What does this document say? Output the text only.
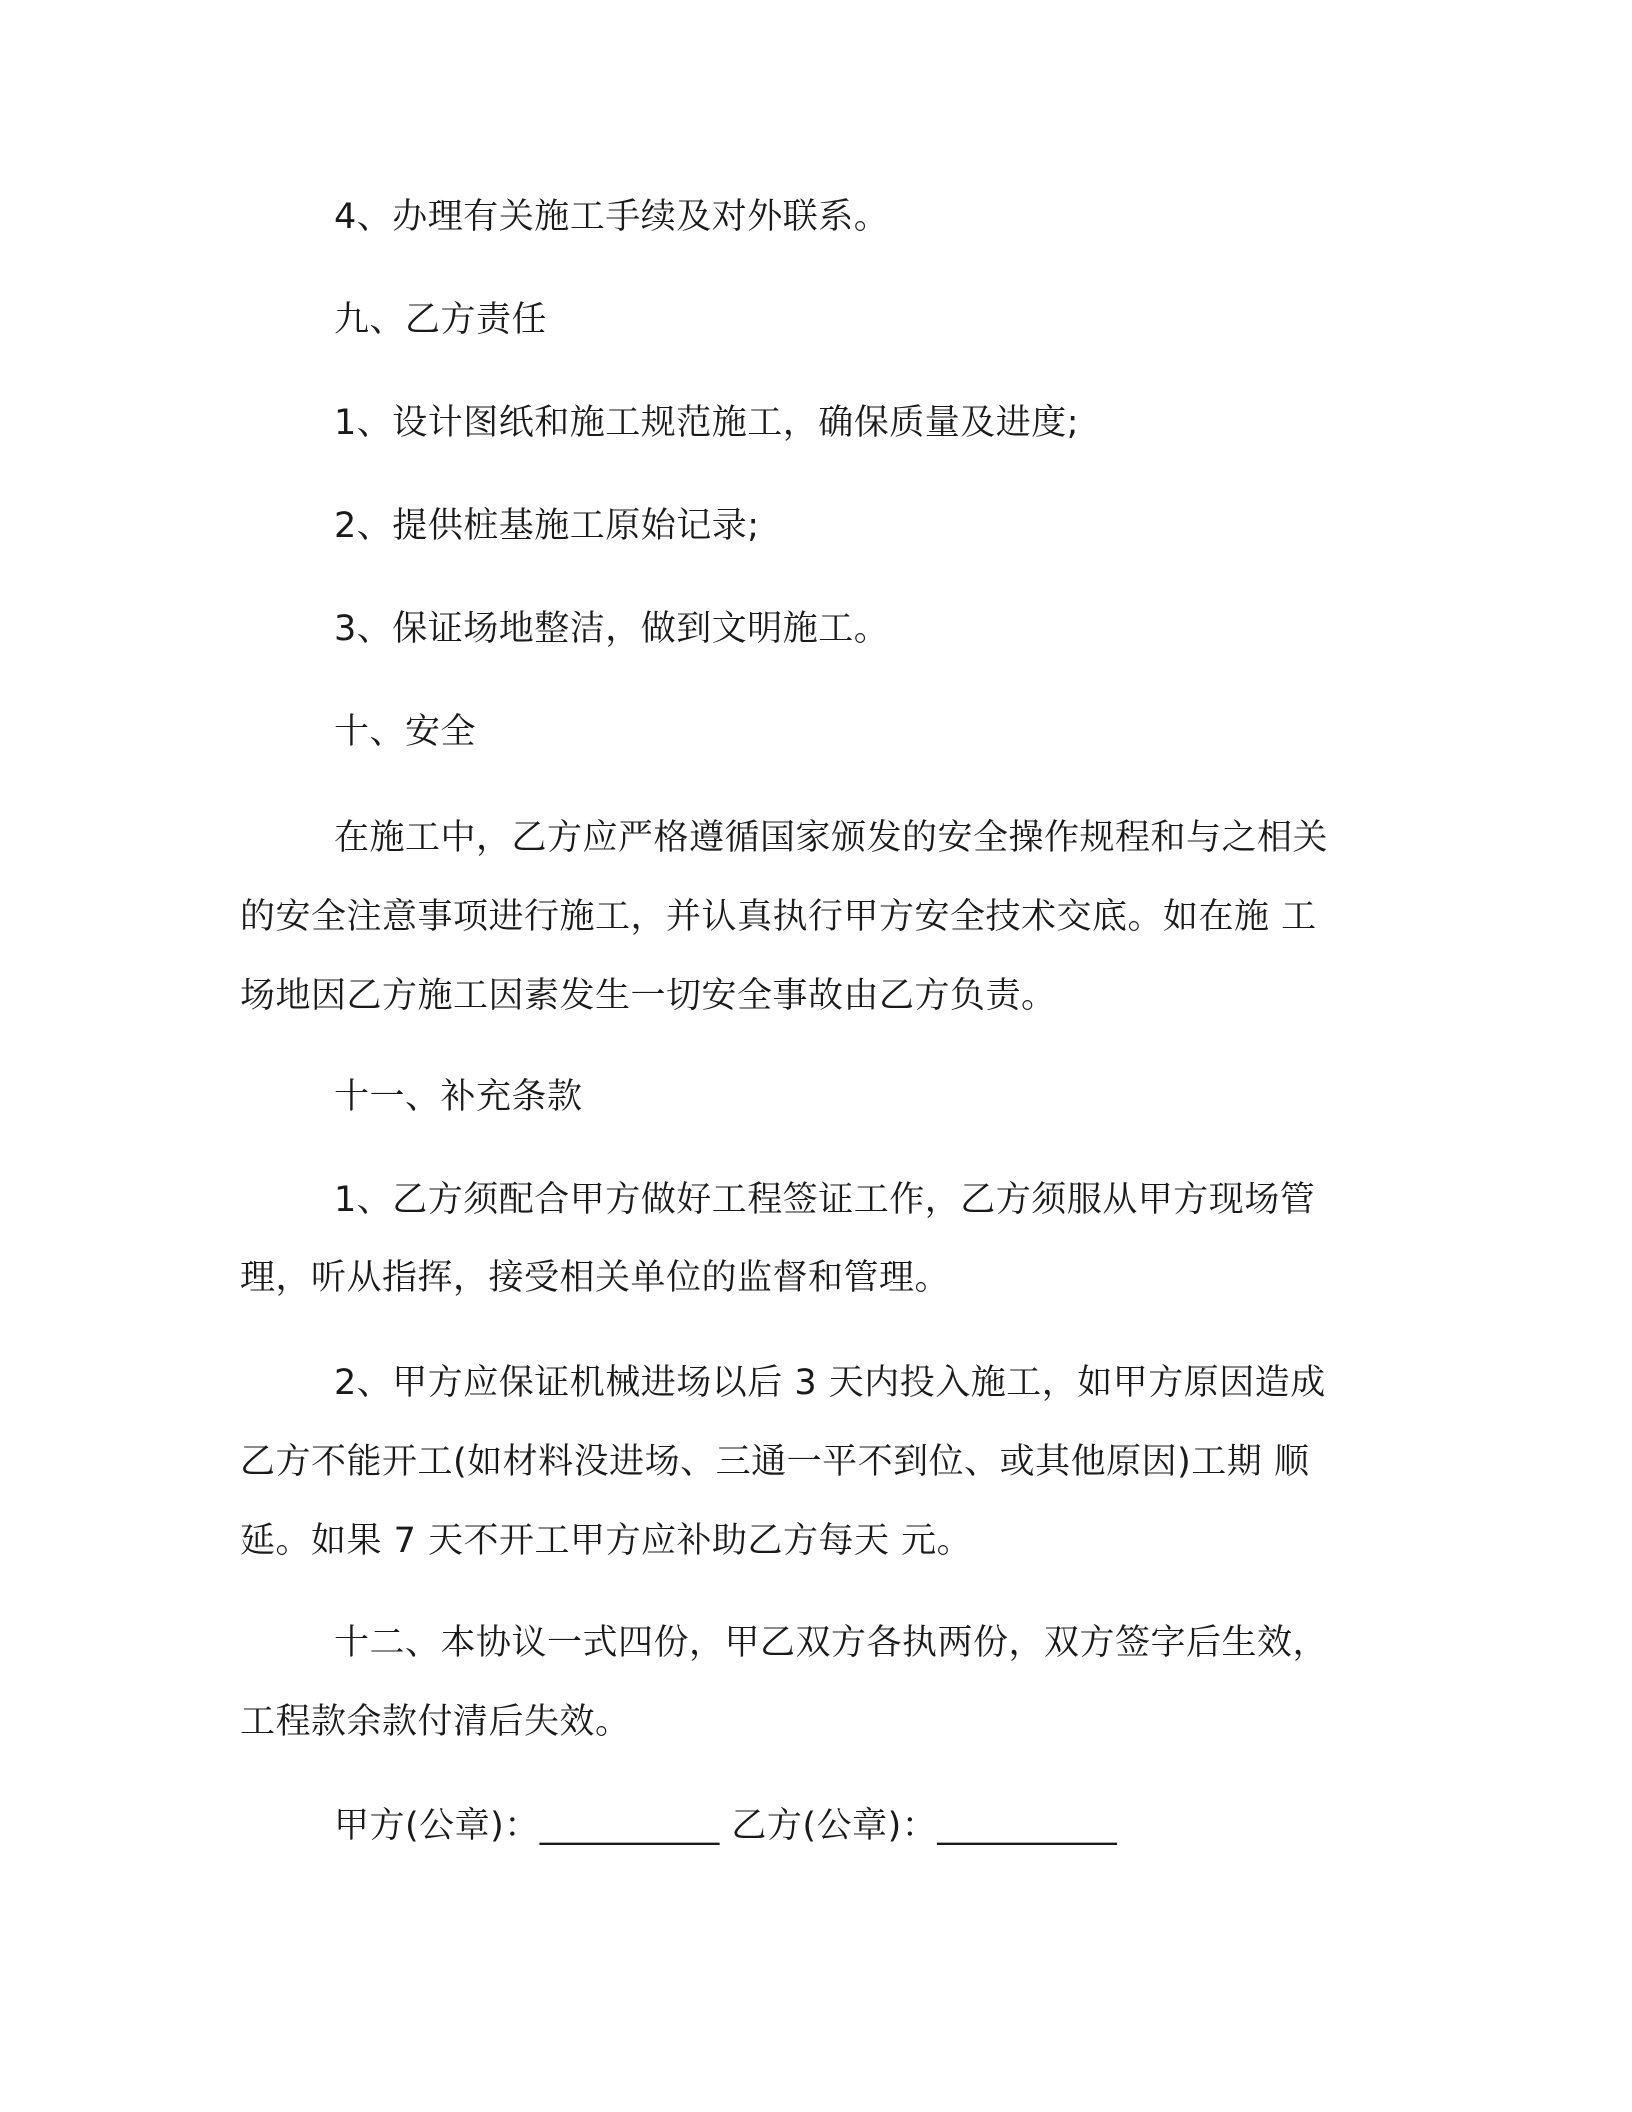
4、办理有关施工手续及对外联系。
九、乙方责任
1、设计图纸和施工规范施工，确保质量及进度;
2、提供桩基施工原始记录;
3、保证场地整洁，做到文明施工。
十、安全
在施工中，乙方应严格遵循国家颁发的安全操作规程和与之相关
的安全注意事项进行施工，并认真执行甲方安全技术交底。如在施 工
场地因乙方施工因素发生一切安全事故由乙方负责。
十一、补充条款
1、乙方须配合甲方做好工程签证工作，乙方须服从甲方现场管
理，听从指挥，接受相关单位的监督和管理。
2、甲方应保证机械进场以后 3 天内投入施工，如甲方原因造成
乙方不能开工(如材料没进场、三通一平不到位、或其他原因)工期 顺
延。如果 7 天不开工甲方应补助乙方每天 元。
十二、本协议一式四份，甲乙双方各执两份，双方签字后生效，
工程款余款付清后失效。
甲方(公章)：__________ 乙方(公章)：__________
